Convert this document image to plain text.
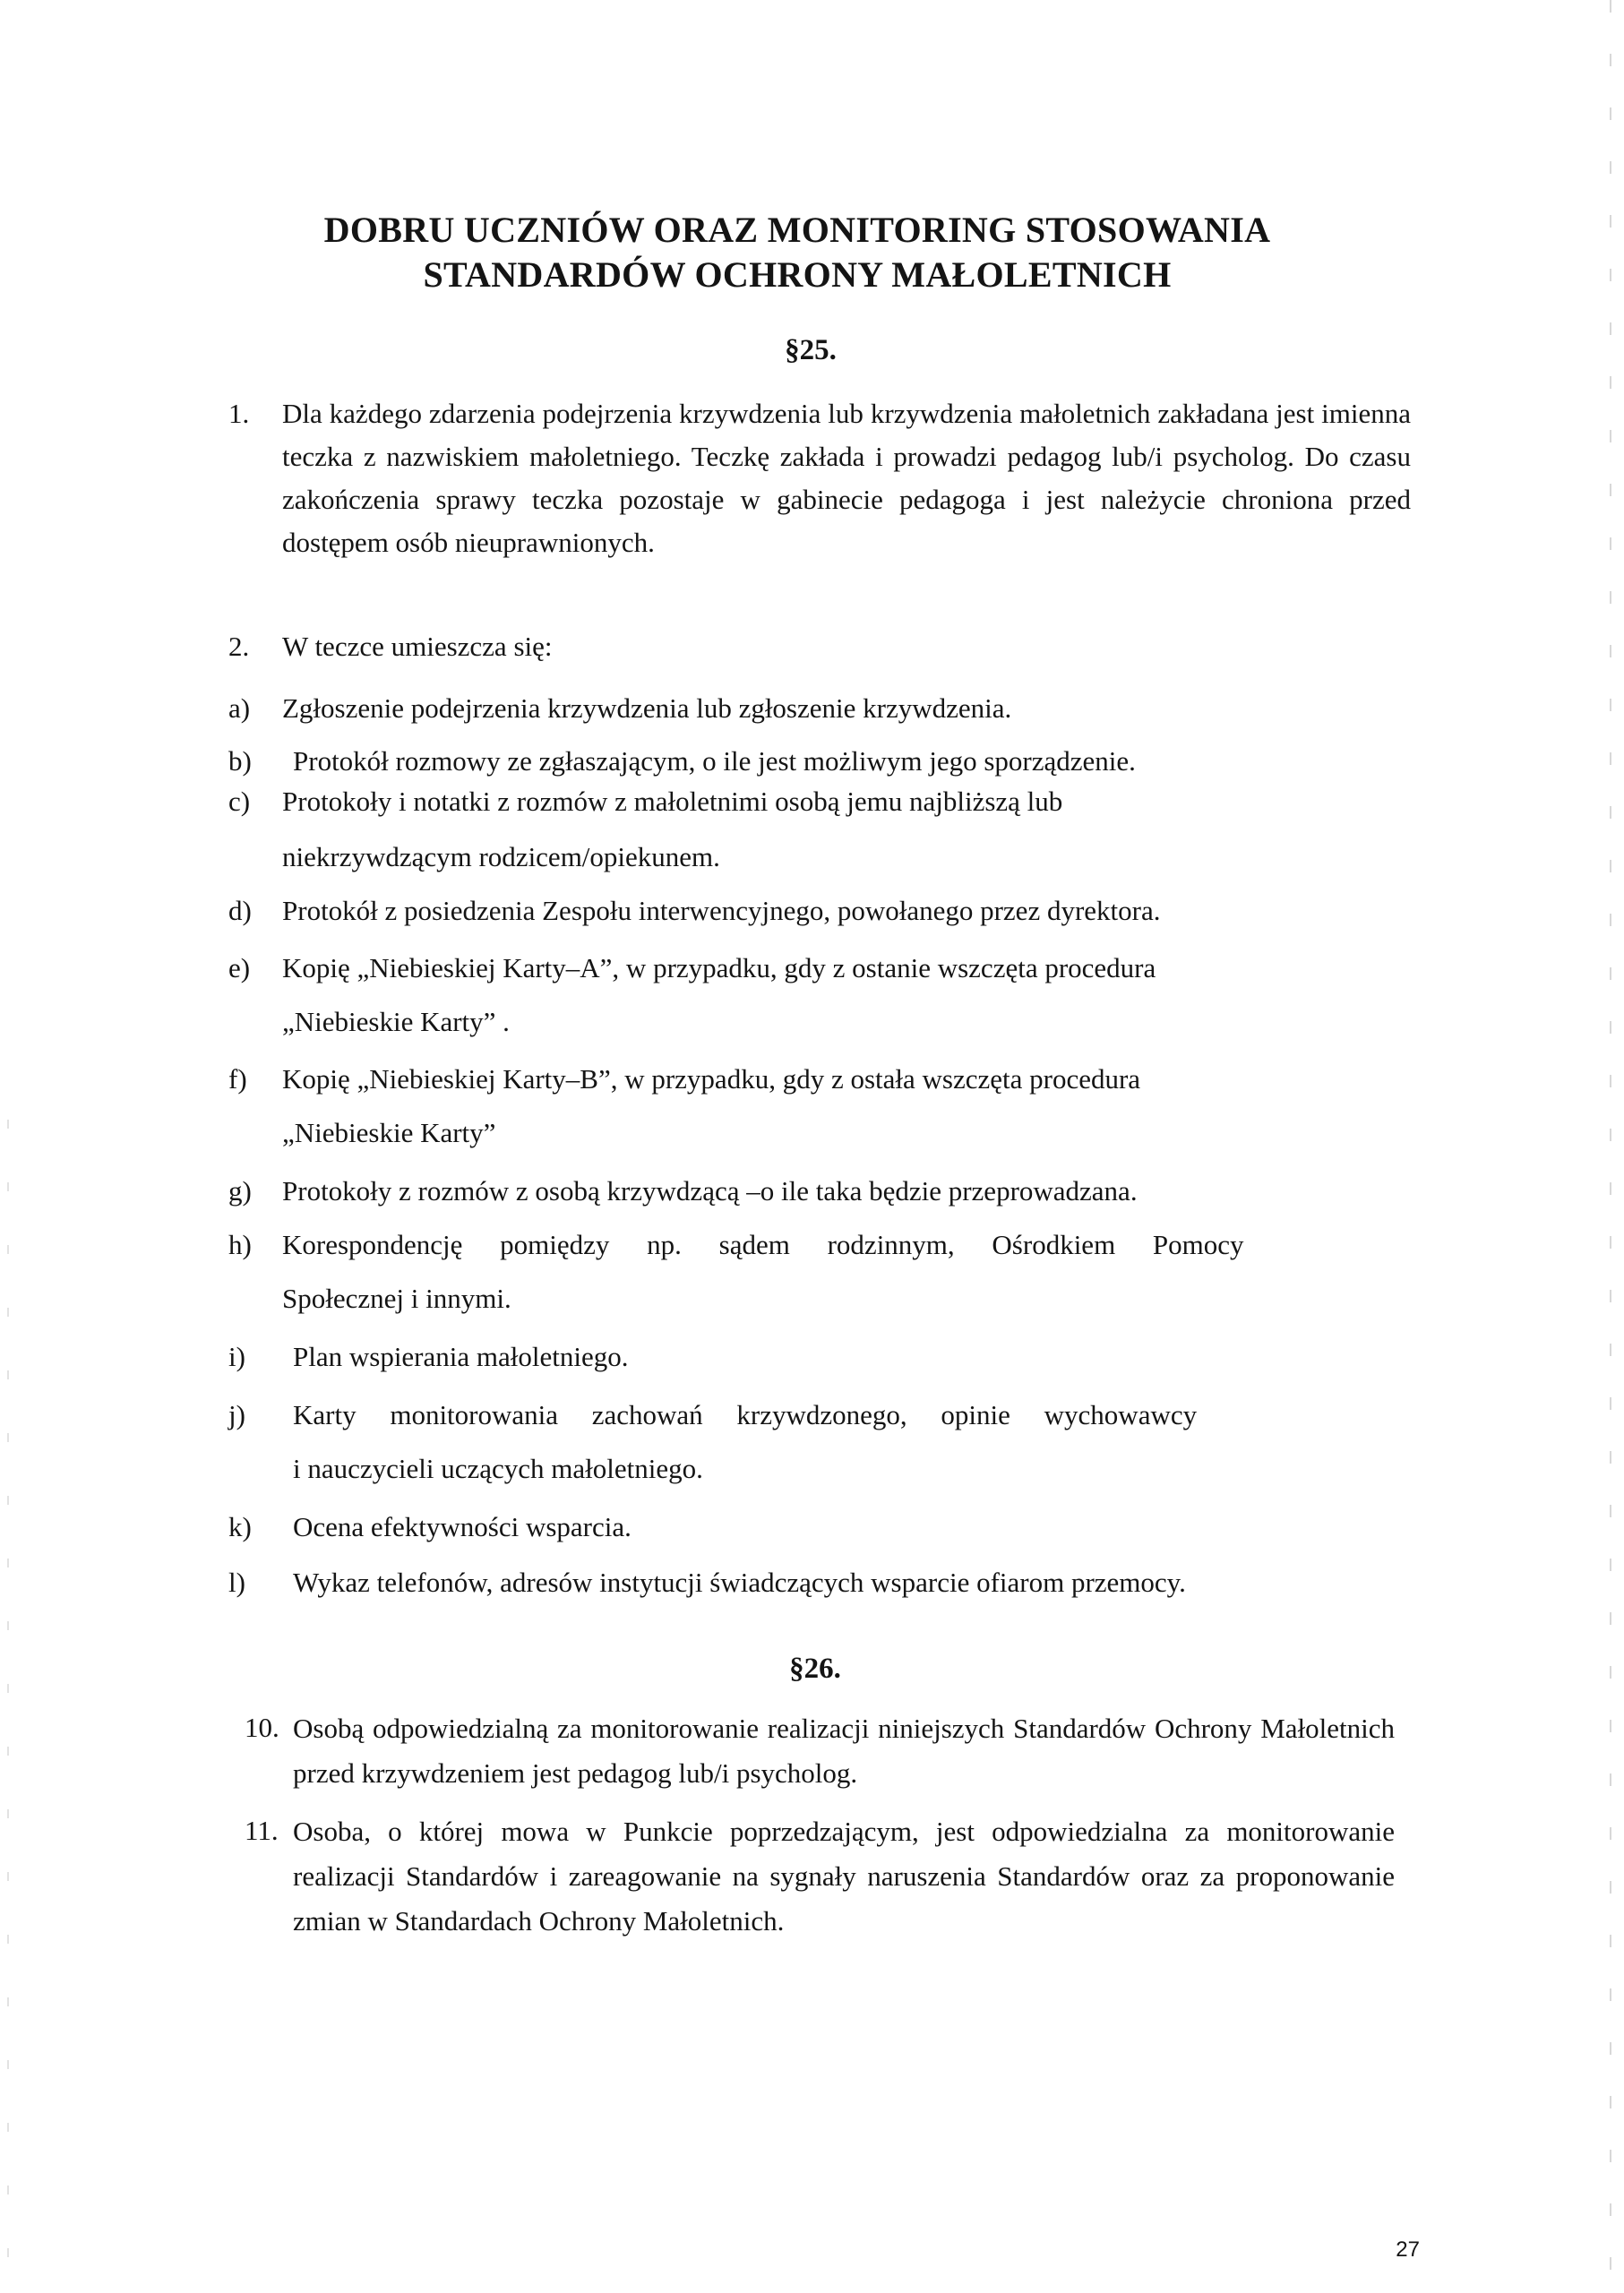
DOBRU UCZNIÓW ORAZ MONITORING STOSOWANIA
STANDARDÓW OCHRONY MAŁOLETNICH
§25.
1. Dla każdego zdarzenia podejrzenia krzywdzenia lub krzywdzenia małoletnich zakładana jest imienna teczka z nazwiskiem małoletniego. Teczkę zakłada i prowadzi pedagog lub/i psycholog. Do czasu zakończenia sprawy teczka pozostaje w gabinecie pedagoga i jest należycie chroniona przed dostępem osób nieuprawnionych.
2. W teczce umieszcza się:
a) Zgłoszenie podejrzenia krzywdzenia lub zgłoszenie krzywdzenia.
b) Protokół rozmowy ze zgłaszającym, o ile jest możliwym jego sporządzenie.
c) Protokoły i notatki z rozmów z małoletnimi osobą jemu najbliższą lub
niekrzywdzącym rodzicem/opiekunem.
d) Protokół z posiedzenia Zespołu interwencyjnego, powołanego przez dyrektora.
e) Kopię „Niebieskiej Karty–A”, w przypadku, gdy z ostanie wszczęta procedura
„Niebieskie Karty” .
f) Kopię „Niebieskiej Karty–B”, w przypadku, gdy z ostała wszczęta procedura
„Niebieskie Karty”
g) Protokoły z rozmów z osobą krzywdzącą –o ile taka będzie przeprowadzana.
h) Korespondencję pomiędzy np. sądem rodzinnym, Ośrodkiem Pomocy
Społecznej i innymi.
i) Plan wspierania małoletniego.
j) Karty monitorowania zachowań krzywdzonego, opinie wychowawcy
i nauczycieli uczących małoletniego.
k) Ocena efektywności wsparcia.
l) Wykaz telefonów, adresów instytucji świadczących wsparcie ofiarom przemocy.
§26.
10. Osobą odpowiedzialną za monitorowanie realizacji niniejszych Standardów Ochrony Małoletnich przed krzywdzeniem jest pedagog lub/i psycholog.
11. Osoba, o której mowa w Punkcie poprzedzającym, jest odpowiedzialna za monitorowanie realizacji Standardów i zareagowanie na sygnały naruszenia Standardów oraz za proponowanie zmian w Standardach Ochrony Małoletnich.
27
